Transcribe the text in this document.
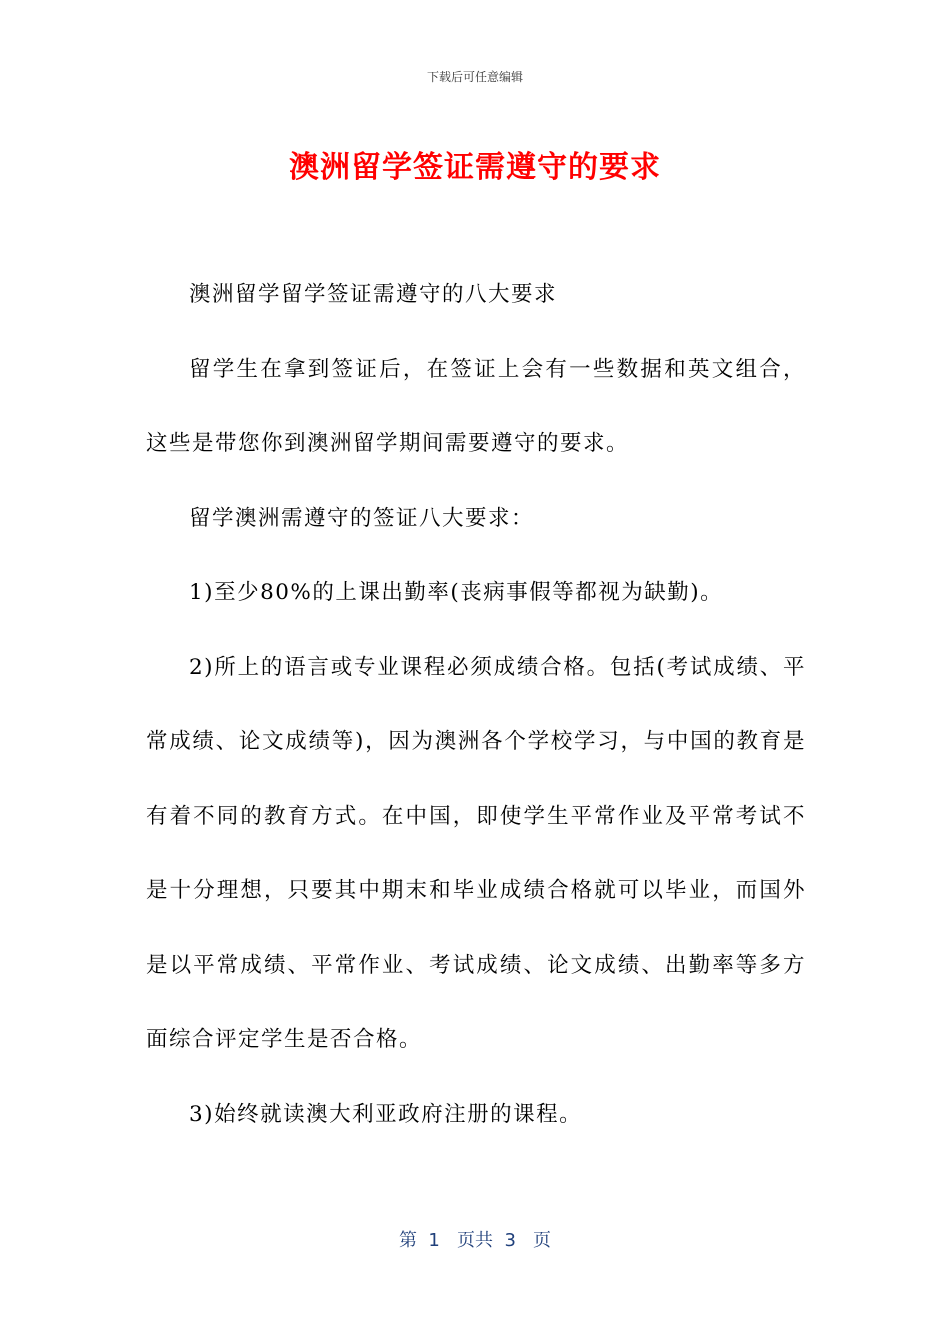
下载后可任意编辑
澳洲留学签证需遵守的要求

澳洲留学留学签证需遵守的八大要求

留学生在拿到签证后，在签证上会有一些数据和英文组合，这些是带您你到澳洲留学期间需要遵守的要求。

留学澳洲需遵守的签证八大要求：

1)至少80%的上课出勤率(丧病事假等都视为缺勤)。

2)所上的语言或专业课程必须成绩合格。包括(考试成绩、平常成绩、论文成绩等)，因为澳洲各个学校学习，与中国的教育是有着不同的教育方式。在中国，即使学生平常作业及平常考试不是十分理想，只要其中期末和毕业成绩合格就可以毕业，而国外是以平常成绩、平常作业、考试成绩、论文成绩、出勤率等多方面综合评定学生是否合格。

3)始终就读澳大利亚政府注册的课程。

第  1   页共  3   页
